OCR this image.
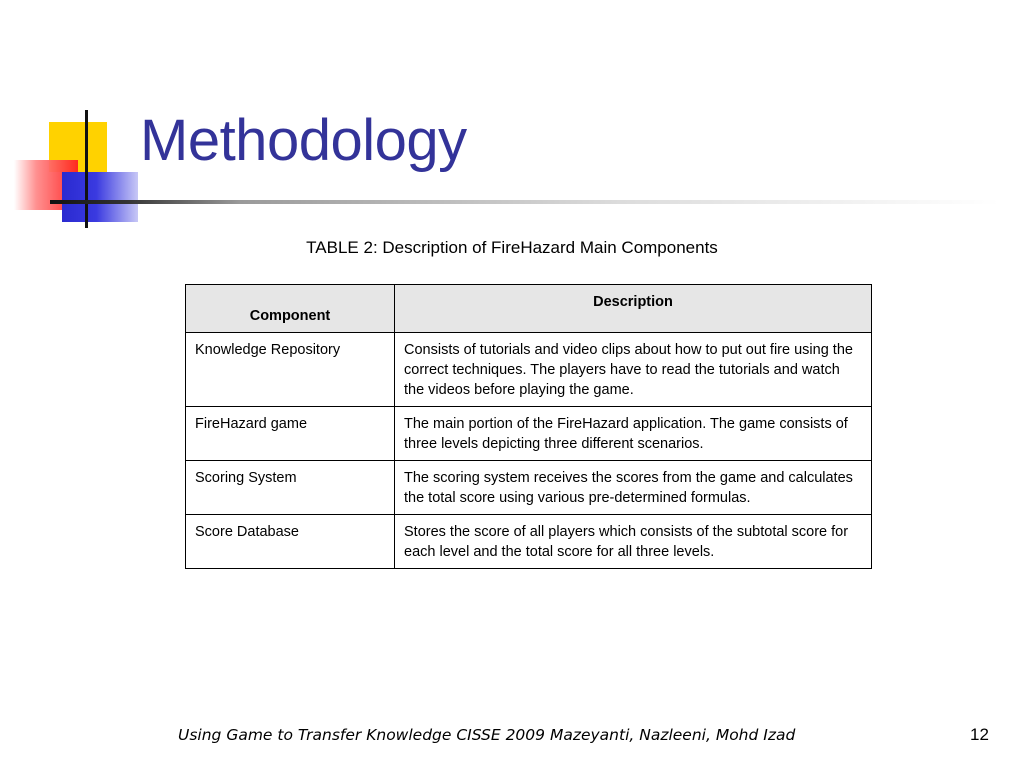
Methodology
TABLE 2: Description of FireHazard Main Components
Component	Description
Knowledge Repository	Consists of tutorials and video clips about how to put out fire using the correct techniques. The players have to read the tutorials and watch the videos before playing the game.
FireHazard game	The main portion of the FireHazard application. The game consists of three levels depicting three different scenarios.
Scoring System	The scoring system receives the scores from the game and calculates the total score using various pre-determined formulas.
Score Database	Stores the score of all players which consists of the subtotal score for each level and the total score for all three levels.
Using Game to Transfer Knowledge CISSE 2009 Mazeyanti, Nazleeni, Mohd Izad	12
